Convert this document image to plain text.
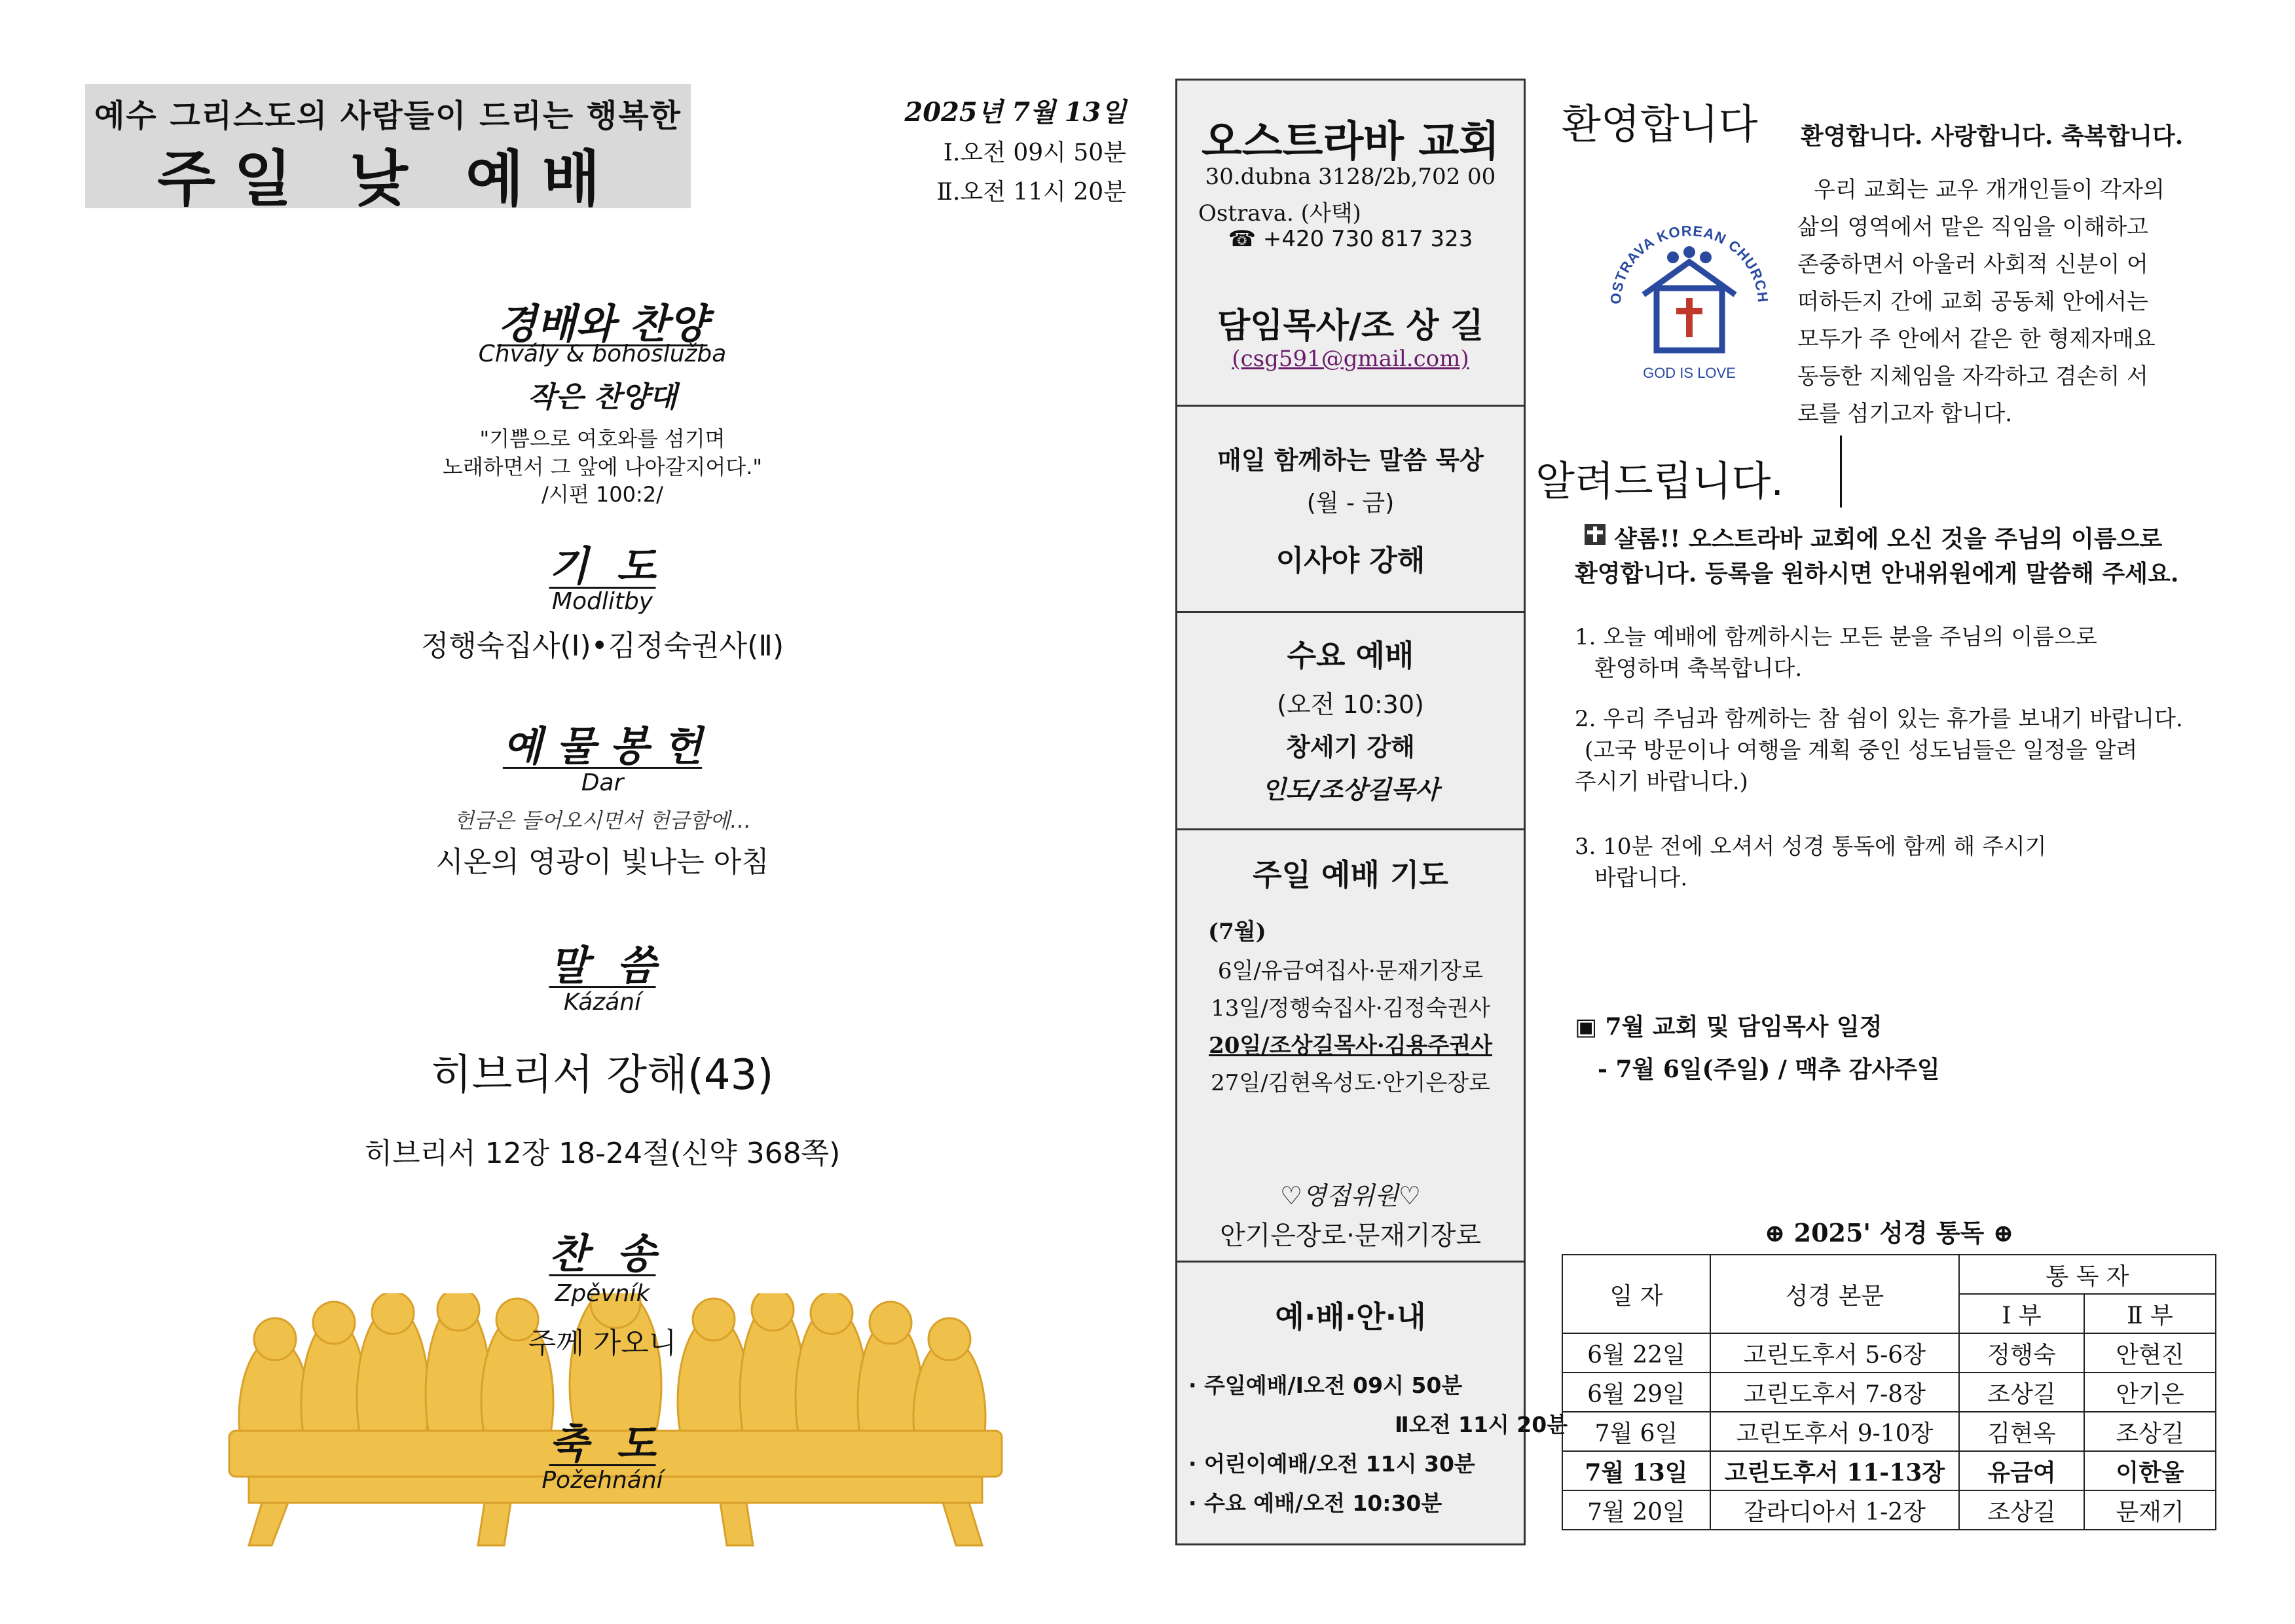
예수 그리스도의 사람들이 드리는 행복한
주일 낮 예배
2025년 7월 13일
Ⅰ.오전 09시 50분
Ⅱ.오전 11시 20분
경배와 찬양
Chvály & bohoslužba
작은 찬양대
"기쁨으로 여호와를 섬기며
노래하면서 그 앞에 나아갈지어다."
/시편 100:2/
기  도
Modlitby
정행숙집사(Ⅰ)•김정숙권사(Ⅱ)
예 물 봉 헌
Dar
헌금은 들어오시면서 헌금함에…
시온의 영광이 빛나는 아침
말  씀
Kázání
히브리서 강해(43)
히브리서 12장 18-24절(신약 368쪽)
찬  송
Zpěvník
주께 가오니
축  도
Požehnání
오스트라바 교회
30.dubna 3128/2b,702 00
Ostrava. (사택)
☎ +420 730 817 323
담임목사/조 상 길
(csg591@gmail.com)
매일 함께하는 말씀 묵상
(월 - 금)
이사야 강해
수요 예배
(오전 10:30)
창세기 강해
인도/조상길목사
주일 예배 기도
(7월)
6일/유금여집사·문재기장로
13일/정행숙집사·김정숙권사
20일/조상길목사·김용주권사
27일/김현옥성도·안기은장로
♡영접위원♡
안기은장로·문재기장로
예·배·안·내
· 주일예배/Ⅰ오전 09시 50분
Ⅱ오전 11시 20분
· 어린이예배/오전 11시 30분
· 수요 예배/오전 10:30분
환영합니다 환영합니다. 사랑합니다. 축복합니다.
OSTRAVA KOREAN CHURCH
GOD IS LOVE
우리 교회는 교우 개개인들이 각자의
삶의 영역에서 맡은 직임을 이해하고
존중하면서 아울러 사회적 신분이 어
떠하든지 간에 교회 공동체 안에서는
모두가 주 안에서 같은 한 형제자매요
동등한 지체임을 자각하고 겸손히 서
로를 섬기고자 합니다.
알려드립니다.
샬롬!! 오스트라바 교회에 오신 것을 주님의 이름으로
환영합니다. 등록을 원하시면 안내위원에게 말씀해 주세요.
1. 오늘 예배에 함께하시는 모든 분을 주님의 이름으로
환영하며 축복합니다.
2. 우리 주님과 함께하는 참 쉼이 있는 휴가를 보내기 바랍니다.
(고국 방문이나 여행을 계획 중인 성도님들은 일정을 알려
주시기 바랍니다.)
3. 10분 전에 오셔서 성경 통독에 함께 해 주시기
바랍니다.
▣ 7월 교회 및 담임목사 일정
- 7월 6일(주일) / 맥추 감사주일
⊕ 2025' 성경 통독 ⊕
일 자	성경 본문	통 독 자	
		Ⅰ 부	Ⅱ 부
6월 22일	고린도후서 5-6장	정행숙	안현진
6월 29일	고린도후서 7-8장	조상길	안기은
7월 6일	고린도후서 9-10장	김현옥	조상길
7월 13일	고린도후서 11-13장	유금여	이한울
7월 20일	갈라디아서 1-2장	조상길	문재기
